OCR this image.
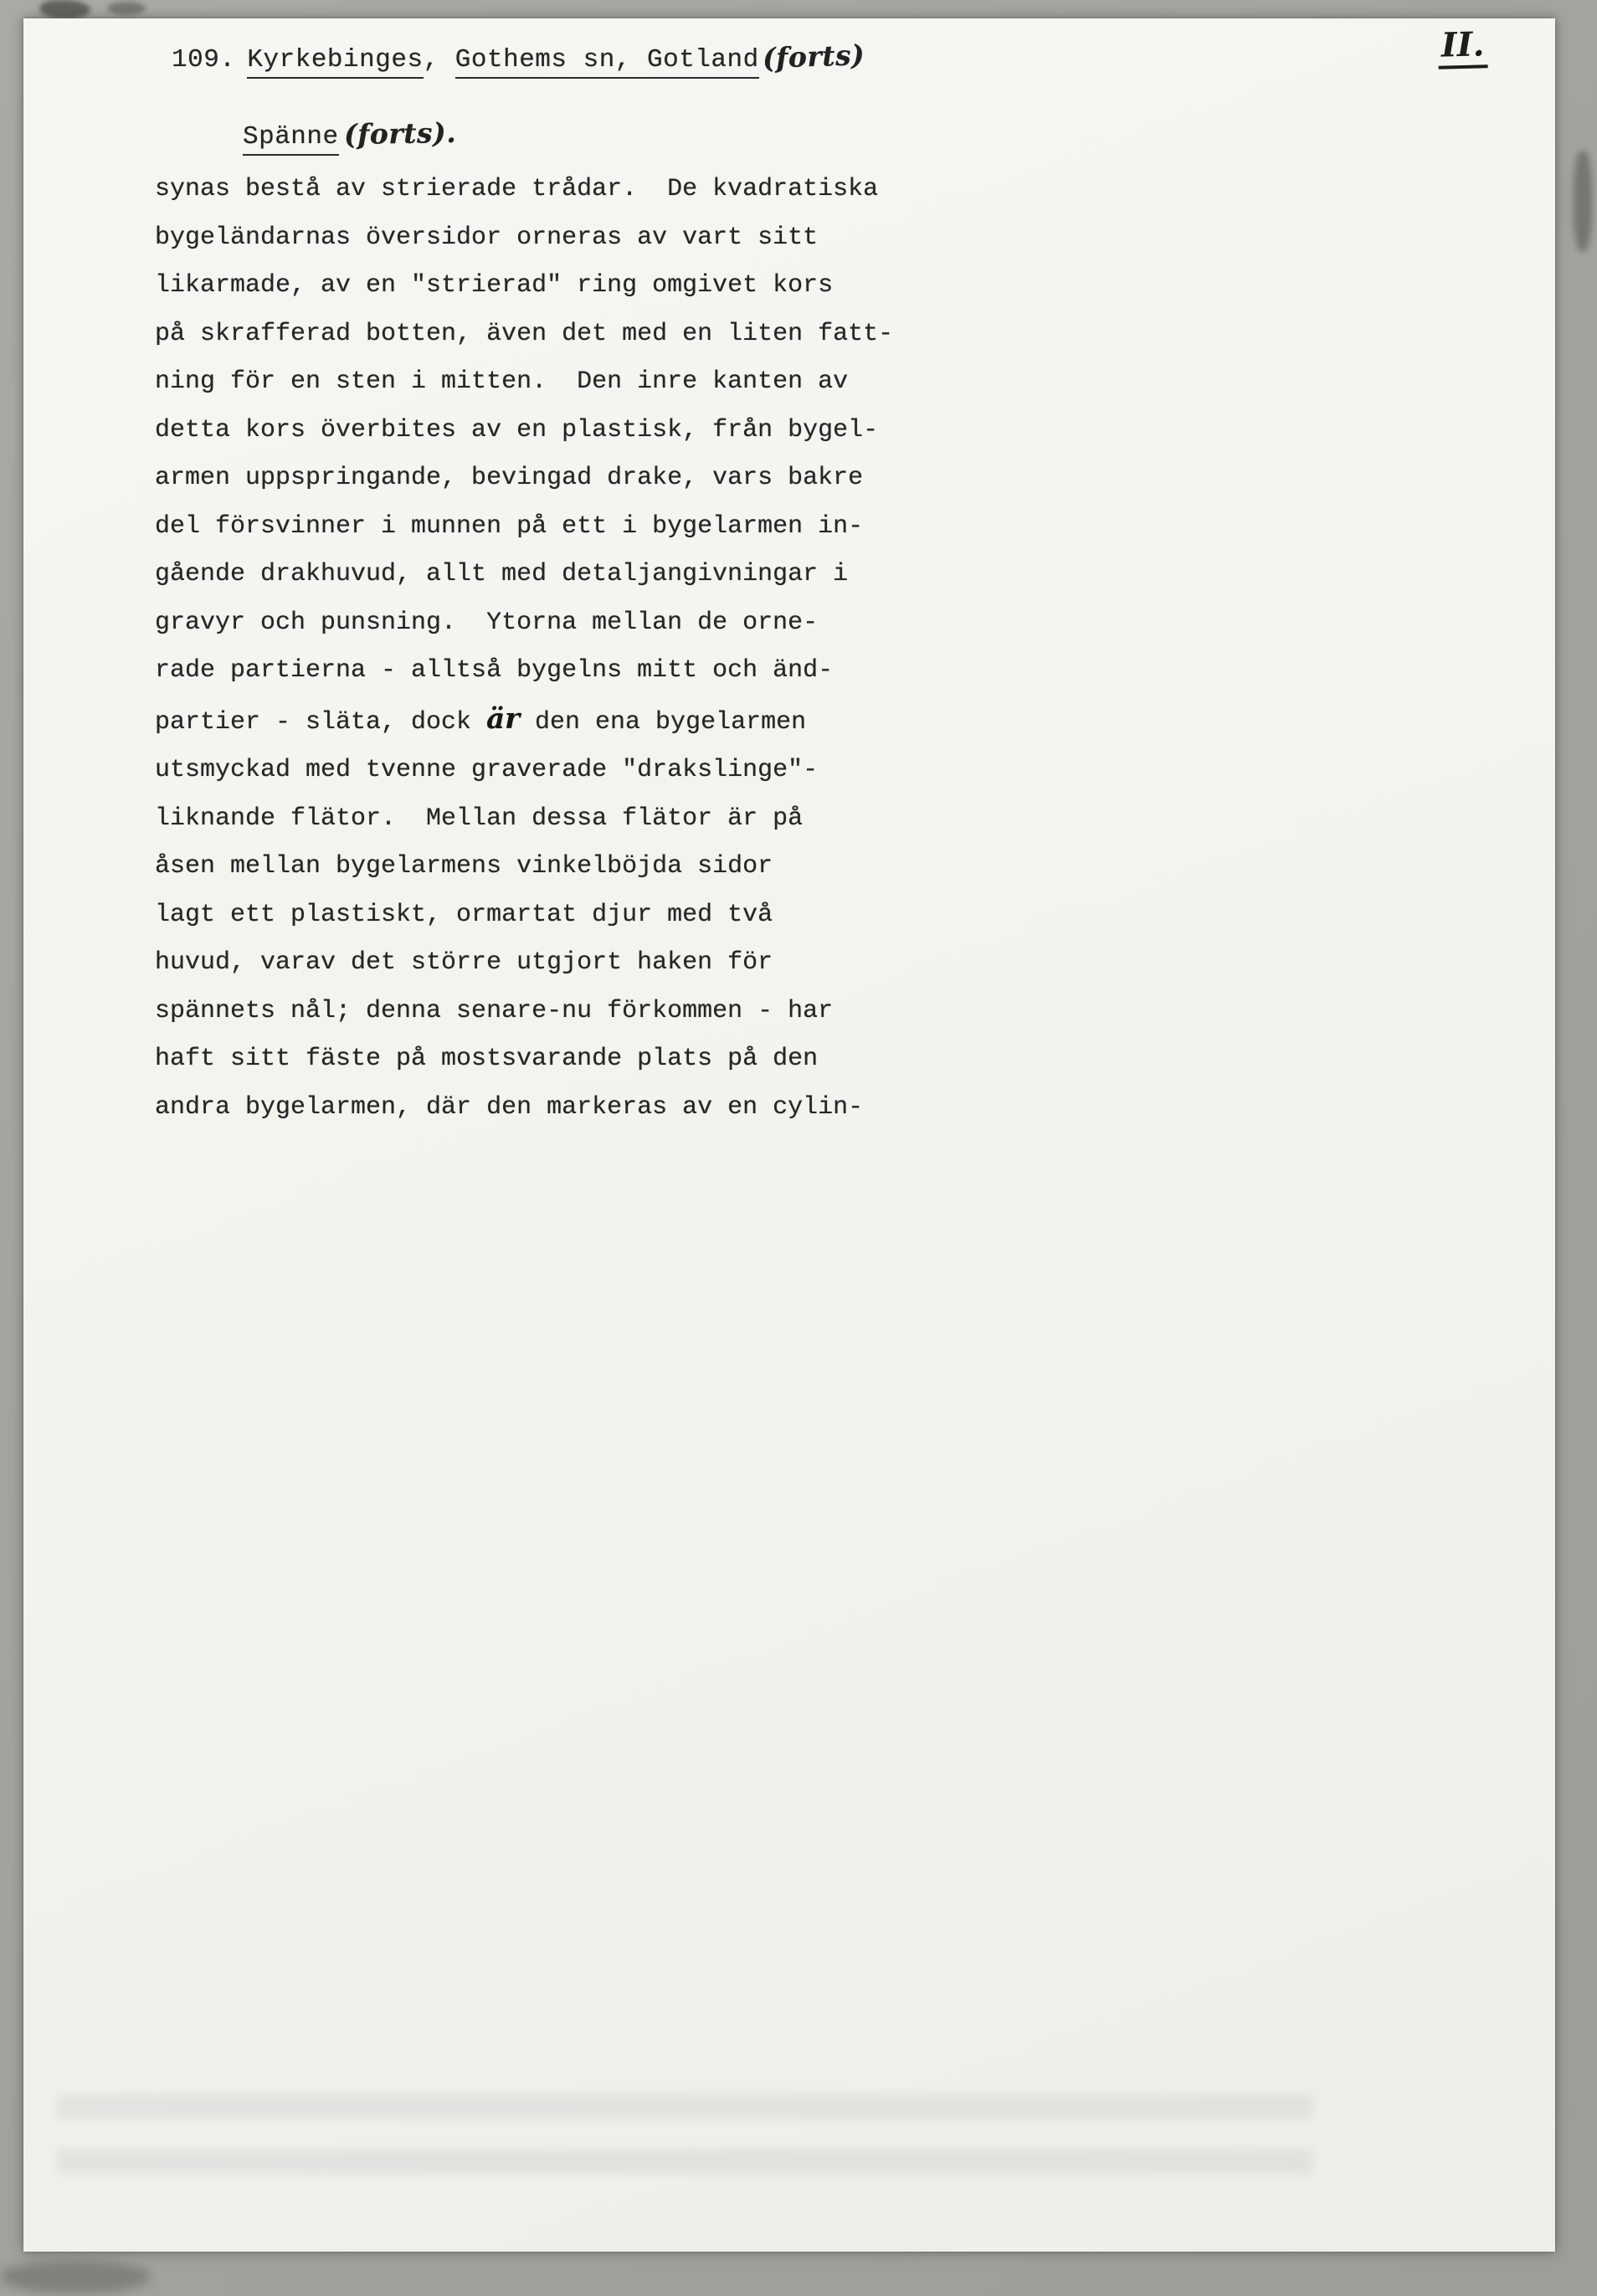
II.
109. Kyrkebinges, Gothems sn, Gotland (forts)
Spänne (forts).
synas bestå av strierade trådar.  De kvadratiska
bygeländarnas översidor orneras av vart sitt
likarmade, av en "strierad" ring omgivet kors
på skrafferad botten, även det med en liten fatt-
ning för en sten i mitten.  Den inre kanten av
detta kors överbites av en plastisk, från bygel-
armen uppspringande, bevingad drake, vars bakre
del försvinner i munnen på ett i bygelarmen in-
gående drakhuvud, allt med detaljangivningar i
gravyr och punsning.  Ytorna mellan de orne-
rade partierna - alltså bygelns mitt och änd-
partier - släta, dock är den ena bygelarmen
utsmyckad med tvenne graverade "drakslinge"-
liknande flätor.  Mellan dessa flätor är på
åsen mellan bygelarmens vinkelböjda sidor
lagt ett plastiskt, ormartat djur med två
huvud, varav det större utgjort haken för
spännets nål; denna senare-nu förkommen - har
haft sitt fäste på mostsvarande plats på den
andra bygelarmen, där den markeras av en cylin-
